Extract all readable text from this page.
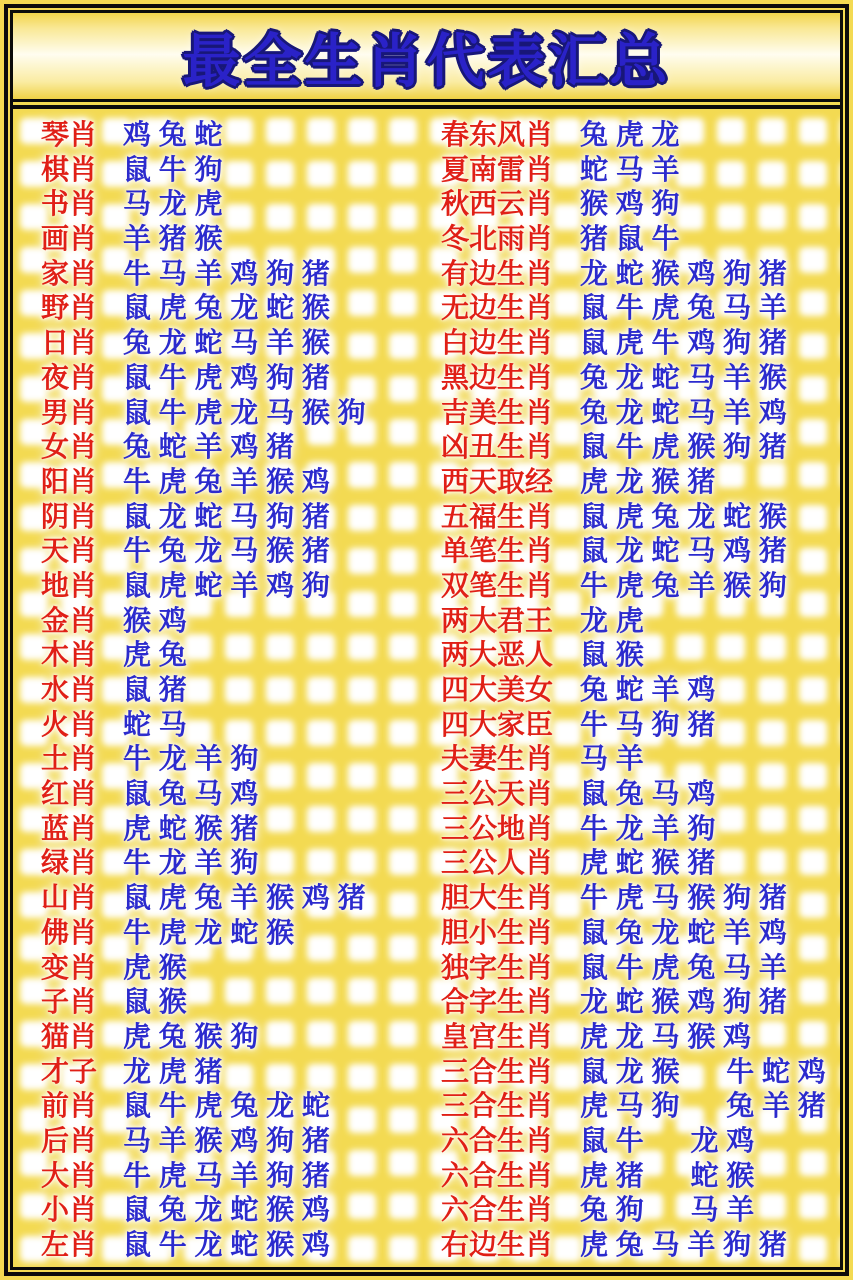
最全生肖代表汇总
琴肖 鸡 兔 蛇
棋肖 鼠 牛 狗
书肖 马 龙 虎
画肖 羊 猪 猴
家肖 牛 马 羊 鸡 狗 猪
野肖 鼠 虎 兔 龙 蛇 猴
日肖 兔 龙 蛇 马 羊 猴
夜肖 鼠 牛 虎 鸡 狗 猪
男肖 鼠 牛 虎 龙 马 猴 狗
女肖 兔 蛇 羊 鸡 猪
阳肖 牛 虎 兔 羊 猴 鸡
阴肖 鼠 龙 蛇 马 狗 猪
天肖 牛 兔 龙 马 猴 猪
地肖 鼠 虎 蛇 羊 鸡 狗
金肖 猴 鸡
木肖 虎 兔
水肖 鼠 猪
火肖 蛇 马
土肖 牛 龙 羊 狗
红肖 鼠 兔 马 鸡
蓝肖 虎 蛇 猴 猪
绿肖 牛 龙 羊 狗
山肖 鼠 虎 兔 羊 猴 鸡 猪
佛肖 牛 虎 龙 蛇 猴
变肖 虎 猴
子肖 鼠 猴
猫肖 虎 兔 猴 狗
才子 龙 虎 猪
前肖 鼠 牛 虎 兔 龙 蛇
后肖 马 羊 猴 鸡 狗 猪
大肖 牛 虎 马 羊 狗 猪
小肖 鼠 兔 龙 蛇 猴 鸡
左肖 鼠 牛 龙 蛇 猴 鸡
春东风肖 兔 虎 龙
夏南雷肖 蛇 马 羊
秋西云肖 猴 鸡 狗
冬北雨肖 猪 鼠 牛
有边生肖 龙 蛇 猴 鸡 狗 猪
无边生肖 鼠 牛 虎 兔 马 羊
白边生肖 鼠 虎 牛 鸡 狗 猪
黑边生肖 兔 龙 蛇 马 羊 猴
吉美生肖 兔 龙 蛇 马 羊 鸡
凶丑生肖 鼠 牛 虎 猴 狗 猪
西天取经 虎 龙 猴 猪
五福生肖 鼠 虎 兔 龙 蛇 猴
单笔生肖 鼠 龙 蛇 马 鸡 猪
双笔生肖 牛 虎 兔 羊 猴 狗
两大君王 龙 虎
两大恶人 鼠 猴
四大美女 兔 蛇 羊 鸡
四大家臣 牛 马 狗 猪
夫妻生肖 马 羊
三公天肖 鼠 兔 马 鸡
三公地肖 牛 龙 羊 狗
三公人肖 虎 蛇 猴 猪
胆大生肖 牛 虎 马 猴 狗 猪
胆小生肖 鼠 兔 龙 蛇 羊 鸡
独字生肖 鼠 牛 虎 兔 马 羊
合字生肖 龙 蛇 猴 鸡 狗 猪
皇宫生肖 虎 龙 马 猴 鸡
三合生肖 鼠 龙 猴      牛 蛇 鸡
三合生肖 虎 马 狗      兔 羊 猪
六合生肖 鼠 牛      龙 鸡
六合生肖 虎 猪      蛇 猴
六合生肖 兔 狗      马 羊
右边生肖 虎 兔 马 羊 狗 猪
